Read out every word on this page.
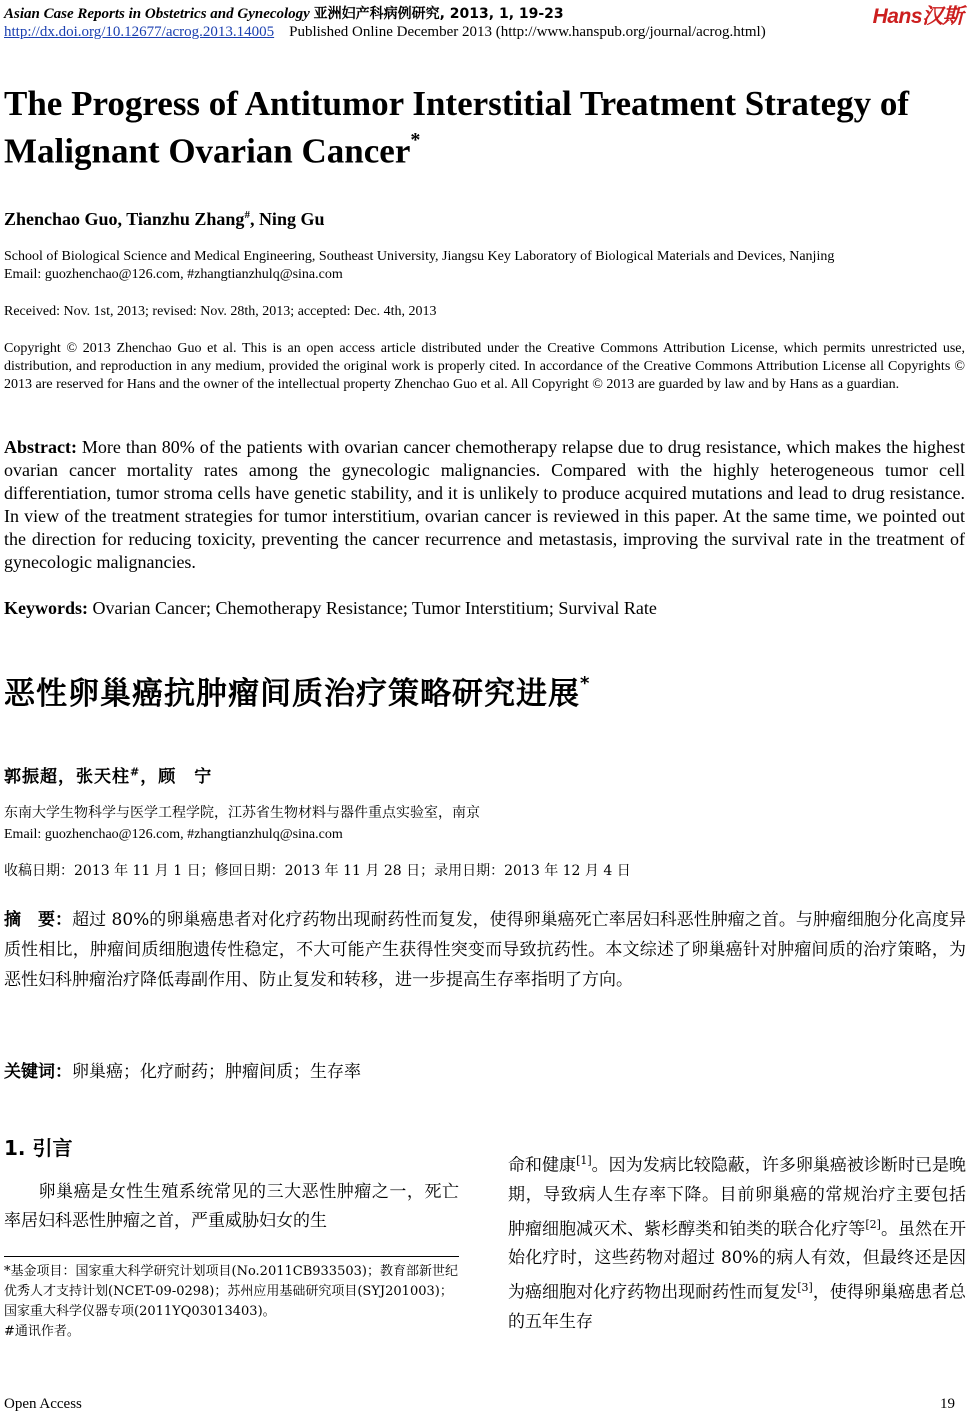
Asian Case Reports in Obstetrics and Gynecology 亚洲妇产科病例研究, 2013, 1, 19-23	Hans汉斯
http://dx.doi.org/10.12677/acrog.2013.14005 Published Online December 2013 (http://www.hanspub.org/journal/acrog.html)
The Progress of Antitumor Interstitial Treatment Strategy of Malignant Ovarian Cancer*
Zhenchao Guo, Tianzhu Zhang#, Ning Gu
School of Biological Science and Medical Engineering, Southeast University, Jiangsu Key Laboratory of Biological Materials and Devices, Nanjing
Email: guozhenchao@126.com, #zhangtianzhulq@sina.com
Received: Nov. 1st, 2013; revised: Nov. 28th, 2013; accepted: Dec. 4th, 2013
Copyright © 2013 Zhenchao Guo et al. This is an open access article distributed under the Creative Commons Attribution License, which permits unrestricted use, distribution, and reproduction in any medium, provided the original work is properly cited. In accordance of the Creative Commons Attribution License all Copyrights © 2013 are reserved for Hans and the owner of the intellectual property Zhenchao Guo et al. All Copyright © 2013 are guarded by law and by Hans as a guardian.
Abstract: More than 80% of the patients with ovarian cancer chemotherapy relapse due to drug resistance, which makes the highest ovarian cancer mortality rates among the gynecologic malignancies. Compared with the highly heterogeneous tumor cell differentiation, tumor stroma cells have genetic stability, and it is unlikely to produce acquired mutations and lead to drug resistance. In view of the treatment strategies for tumor interstitium, ovarian cancer is reviewed in this paper. At the same time, we pointed out the direction for reducing toxicity, preventing the cancer recurrence and metastasis, improving the survival rate in the treatment of gynecologic malignancies.
Keywords: Ovarian Cancer; Chemotherapy Resistance; Tumor Interstitium; Survival Rate
恶性卵巢癌抗肿瘤间质治疗策略研究进展*
郭振超，张天柱#，顾　宁
东南大学生物科学与医学工程学院，江苏省生物材料与器件重点实验室，南京
Email: guozhenchao@126.com, #zhangtianzhulq@sina.com
收稿日期：2013 年 11 月 1 日；修回日期：2013 年 11 月 28 日；录用日期：2013 年 12 月 4 日
摘　要：超过 80%的卵巢癌患者对化疗药物出现耐药性而复发，使得卵巢癌死亡率居妇科恶性肿瘤之首。与肿瘤细胞分化高度异质性相比，肿瘤间质细胞遗传性稳定，不大可能产生获得性突变而导致抗药性。本文综述了卵巢癌针对肿瘤间质的治疗策略，为恶性妇科肿瘤治疗降低毒副作用、防止复发和转移，进一步提高生存率指明了方向。
关键词：卵巢癌；化疗耐药；肿瘤间质；生存率
1. 引言
卵巢癌是女性生殖系统常见的三大恶性肿瘤之一，死亡率居妇科恶性肿瘤之首，严重威胁妇女的生
命和健康[1]。因为发病比较隐蔽，许多卵巢癌被诊断时已是晚期，导致病人生存率下降。目前卵巢癌的常规治疗主要包括肿瘤细胞减灭术、紫杉醇类和铂类的联合化疗等[2]。虽然在开始化疗时，这些药物对超过 80%的病人有效，但最终还是因为癌细胞对化疗药物出现耐药性而复发[3]，使得卵巢癌患者总的五年生存
*基金项目：国家重大科学研究计划项目(No.2011CB933503)；教育部新世纪优秀人才支持计划(NCET-09-0298)；苏州应用基础研究项目(SYJ201003)；国家重大科学仪器专项(2011YQ03013403)。
#通讯作者。
Open Access	19
